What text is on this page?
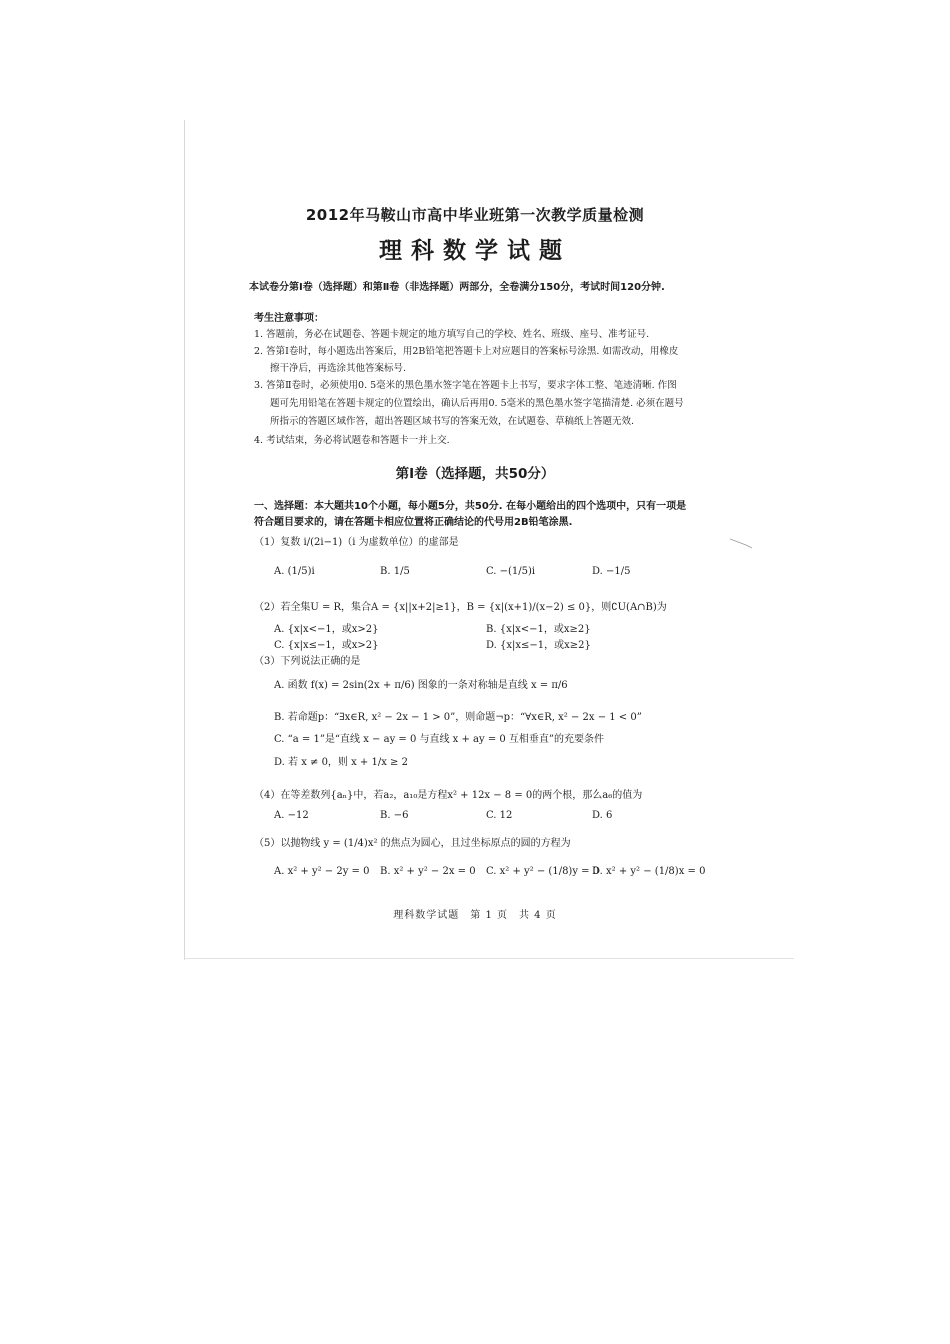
2012年马鞍山市高中毕业班第一次教学质量检测
理科数学试题
本试卷分第Ⅰ卷（选择题）和第Ⅱ卷（非选择题）两部分，全卷满分150分，考试时间120分钟.
考生注意事项：
1. 答题前，务必在试题卷、答题卡规定的地方填写自己的学校、姓名、班级、座号、准考证号.
2. 答第Ⅰ卷时，每小题选出答案后，用2B铅笔把答题卡上对应题目的答案标号涂黑. 如需改动，用橡皮
擦干净后，再选涂其他答案标号.
3. 答第Ⅱ卷时，必须使用0. 5毫米的黑色墨水签字笔在答题卡上书写，要求字体工整、笔迹清晰. 作图
题可先用铅笔在答题卡规定的位置绘出，确认后再用0. 5毫米的黑色墨水签字笔描清楚. 必须在题号
所指示的答题区域作答，超出答题区域书写的答案无效，在试题卷、草稿纸上答题无效.
4. 考试结束，务必将试题卷和答题卡一并上交.
第Ⅰ卷（选择题，共50分）
一、选择题：本大题共10个小题，每小题5分，共50分. 在每小题给出的四个选项中，只有一项是
符合题目要求的，请在答题卡相应位置将正确结论的代号用2B铅笔涂黑.
（1）复数 i/(2i−1)（i 为虚数单位）的虚部是
A. (1/5)i	B. 1/5	C. −(1/5)i	D. −1/5
（2）若全集U = R，集合A = {x||x+2|≥1}，B = {x|(x+1)/(x−2) ≤ 0}，则∁U(A∩B)为
A. {x|x<−1，或x>2}	B. {x|x<−1，或x≥2}
C. {x|x≤−1，或x>2}	D. {x|x≤−1，或x≥2}
（3）下列说法正确的是
A. 函数 f(x) = 2sin(2x + π/6) 图象的一条对称轴是直线 x = π/6
B. 若命题p：“∃x∈R, x² − 2x − 1 > 0”，则命题¬p：“∀x∈R, x² − 2x − 1 < 0”
C. “a = 1”是“直线 x − ay = 0 与直线 x + ay = 0 互相垂直”的充要条件
D. 若 x ≠ 0，则 x + 1/x ≥ 2
（4）在等差数列{aₙ}中，若a₂，a₁₀是方程x² + 12x − 8 = 0的两个根，那么a₆的值为
A. −12	B. −6	C. 12	D. 6
（5）以抛物线 y = (1/4)x² 的焦点为圆心，且过坐标原点的圆的方程为
A. x² + y² − 2y = 0 B. x² + y² − 2x = 0 C. x² + y² − (1/8)y = 0
D. x² + y² − (1/8)x = 0
理科数学试题　第 1 页　共 4 页
